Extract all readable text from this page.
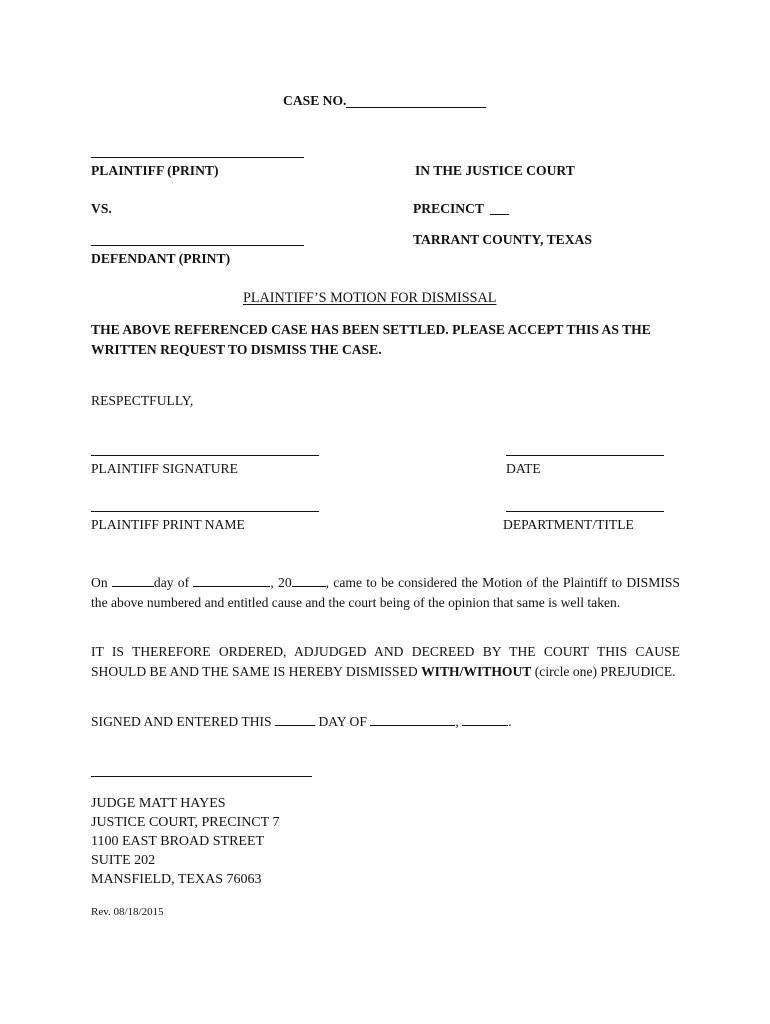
CASE NO.
PLAINTIFF (PRINT)
VS.
DEFENDANT (PRINT)
IN THE JUSTICE COURT
PRECINCT
TARRANT COUNTY, TEXAS
PLAINTIFF’S MOTION FOR DISMISSAL
THE ABOVE REFERENCED CASE HAS BEEN SETTLED. PLEASE ACCEPT THIS AS THE
WRITTEN REQUEST TO DISMISS THE CASE.
RESPECTFULLY,
PLAINTIFF SIGNATURE	DATE
PLAINTIFF PRINT NAME	DEPARTMENT/TITLE
On	day of	, 20	, came to be considered the Motion of the Plaintiff to DISMISS the above numbered and entitled cause and the court being of the opinion that same is well taken.
IT IS THEREFORE ORDERED, ADJUDGED AND DECREED BY THE COURT THIS CAUSE SHOULD BE AND THE SAME IS HEREBY DISMISSED WITH/WITHOUT (circle one) PREJUDICE.
SIGNED AND ENTERED THIS	DAY OF	,	.
JUDGE MATT HAYES
JUSTICE COURT, PRECINCT 7
1100 EAST BROAD STREET
SUITE 202
MANSFIELD, TEXAS 76063
Rev. 08/18/2015
